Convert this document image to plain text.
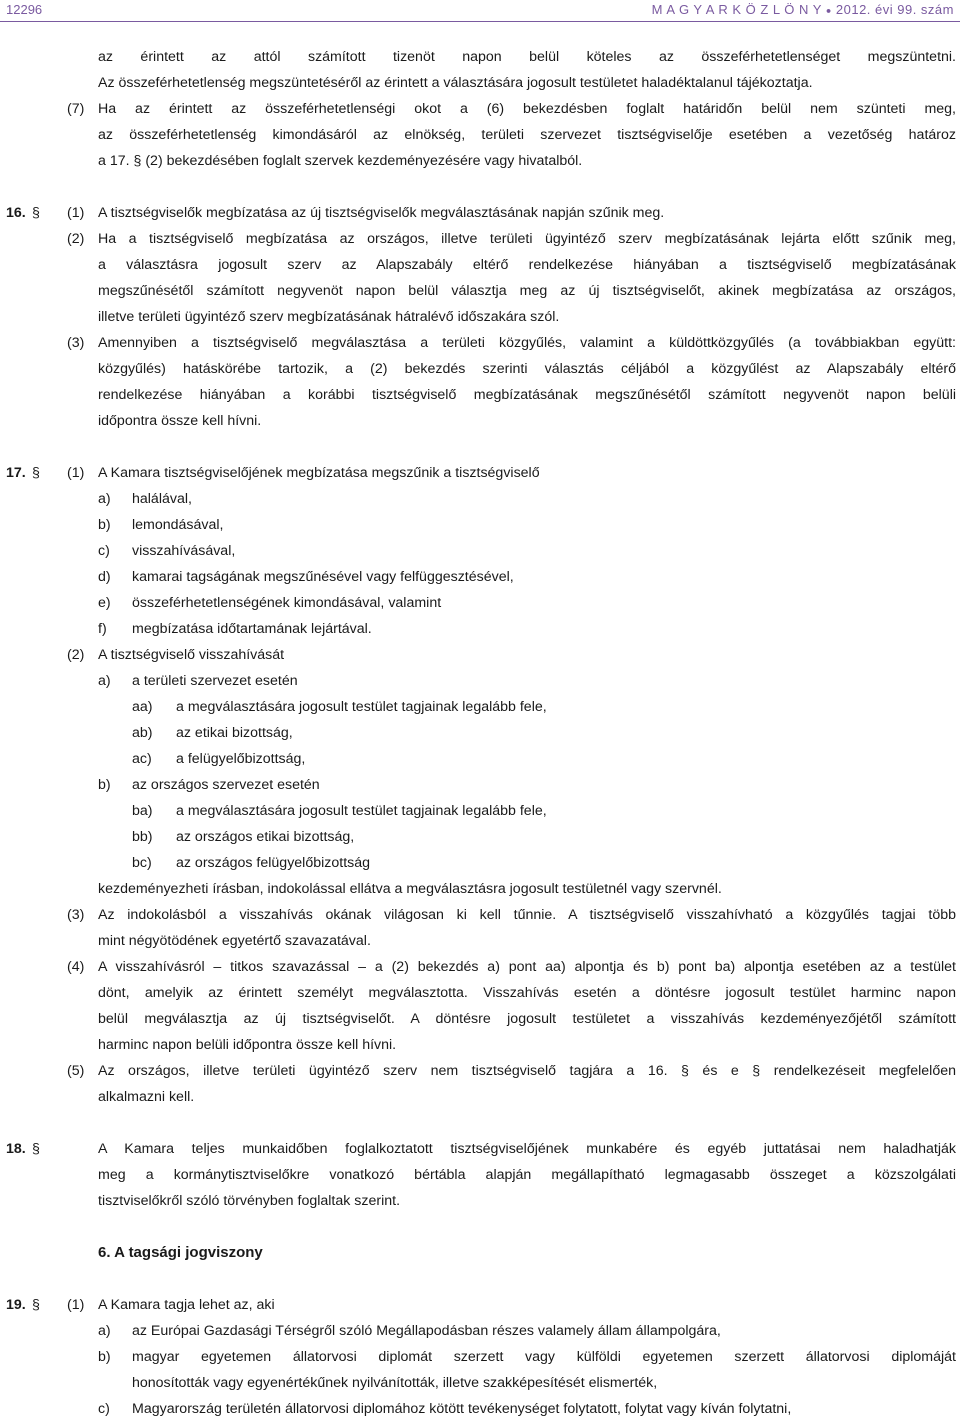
12296	M A G Y A R K Ö Z L Ö N Y ● 2012. évi 99. szám
az érintett az attól számított tizenöt napon belül köteles az összeférhetetlenséget megszüntetni.
Az összeférhetetlenség megszüntetéséről az érintett a választására jogosult testületet haladéktalanul tájékoztatja.
(7) Ha az érintett az összeférhetetlenségi okot a (6) bekezdésben foglalt határidőn belül nem szünteti meg,
az összeférhetetlenség kimondásáról az elnökség, területi szervezet tisztségviselője esetében a vezetőség határoz
a 17. § (2) bekezdésében foglalt szervek kezdeményezésére vagy hivatalból.
16. § (1) A tisztségviselők megbízatása az új tisztségviselők megválasztásának napján szűnik meg.
(2) Ha a tisztségviselő megbízatása az országos, illetve területi ügyintéző szerv megbízatásának lejárta előtt szűnik meg,
a választásra jogosult szerv az Alapszabály eltérő rendelkezése hiányában a tisztségviselő megbízatásának
megszűnésétől számított negyvenöt napon belül választja meg az új tisztségviselőt, akinek megbízatása az országos,
illetve területi ügyintéző szerv megbízatásának hátralévő időszakára szól.
(3) Amennyiben a tisztségviselő megválasztása a területi közgyűlés, valamint a küldöttközgyűlés (a továbbiakban együtt:
közgyűlés) hatáskörébe tartozik, a (2) bekezdés szerinti választás céljából a közgyűlést az Alapszabály eltérő
rendelkezése hiányában a korábbi tisztségviselő megbízatásának megszűnésétől számított negyvenöt napon belüli
időpontra össze kell hívni.
17. § (1) A Kamara tisztségviselőjének megbízatása megszűnik a tisztségviselő
a) halálával,
b) lemondásával,
c) visszahívásával,
d) kamarai tagságának megszűnésével vagy felfüggesztésével,
e) összeférhetetlenségének kimondásával, valamint
f) megbízatása időtartamának lejártával.
(2) A tisztségviselő visszahívását
a) a területi szervezet esetén
aa) a megválasztására jogosult testület tagjainak legalább fele,
ab) az etikai bizottság,
ac) a felügyelőbizottság,
b) az országos szervezet esetén
ba) a megválasztására jogosult testület tagjainak legalább fele,
bb) az országos etikai bizottság,
bc) az országos felügyelőbizottság
kezdeményezheti írásban, indokolással ellátva a megválasztásra jogosult testületnél vagy szervnél.
(3) Az indokolásból a visszahívás okának világosan ki kell tűnnie. A tisztségviselő visszahívható a közgyűlés tagjai több
mint négyötödének egyetértő szavazatával.
(4) A visszahívásról – titkos szavazással – a (2) bekezdés a) pont aa) alpontja és b) pont ba) alpontja esetében az a testület
dönt, amelyik az érintett személyt megválasztotta. Visszahívás esetén a döntésre jogosult testület harminc napon
belül megválasztja az új tisztségviselőt. A döntésre jogosult testületet a visszahívás kezdeményezőjétől számított
harminc napon belüli időpontra össze kell hívni.
(5) Az országos, illetve területi ügyintéző szerv nem tisztségviselő tagjára a 16. § és e § rendelkezéseit megfelelően
alkalmazni kell.
18. §	A Kamara teljes munkaidőben foglalkoztatott tisztségviselőjének munkabére és egyéb juttatásai nem haladhatják
meg a kormánytisztviselőkre vonatkozó bértábla alapján megállapítható legmagasabb összeget a közszolgálati
tisztviselőkről szóló törvényben foglaltak szerint.
6. A tagsági jogviszony
19. § (1) A Kamara tagja lehet az, aki
a) az Európai Gazdasági Térségről szóló Megállapodásban részes valamely állam állampolgára,
b) magyar egyetemen állatorvosi diplomát szerzett vagy külföldi egyetemen szerzett állatorvosi diplomáját
honosították vagy egyenértékűnek nyilvánították, illetve szakképesítését elismerték,
c) Magyarország területén állatorvosi diplomához kötött tevékenységet folytatott, folytat vagy kíván folytatni,
